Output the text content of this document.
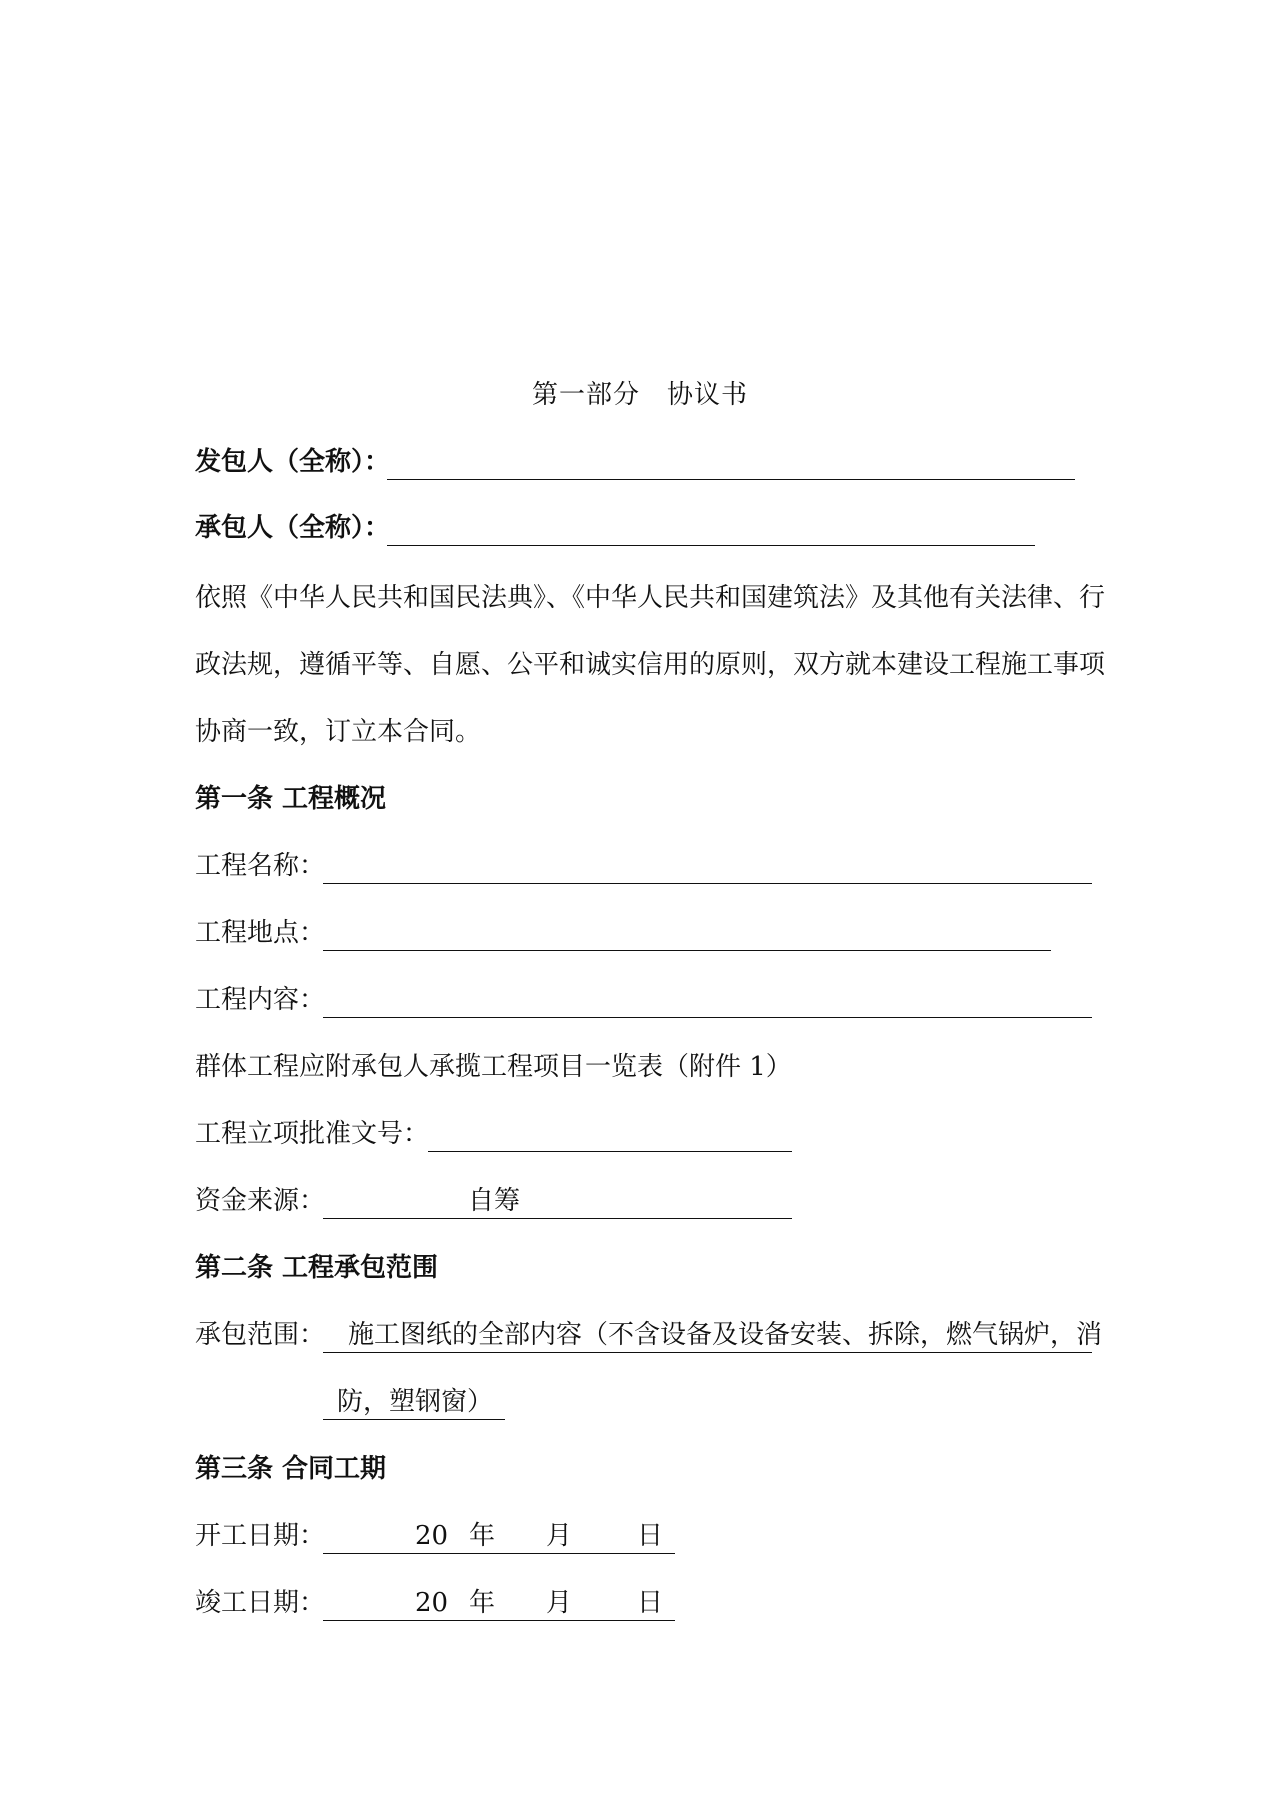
第一部分　协议书
发包人（全称）：
承包人（全称）：
依照《中华人民共和国民法典》、《中华人民共和国建筑法》及其他有关法律、行
政法规，遵循平等、自愿、公平和诚实信用的原则，双方就本建设工程施工事项
协商一致，订立本合同。
第一条 工程概况
工程名称：
工程地点：
工程内容：
群体工程应附承包人承揽工程项目一览表（附件 1）
工程立项批准文号：
资金来源：	自筹
第二条 工程承包范围
承包范围： 施工图纸的全部内容（不含设备及设备安装、拆除，燃气锅炉，消
防，塑钢窗）
第三条 合同工期
开工日期：	20 年 月 日
竣工日期：	20 年 月 日
